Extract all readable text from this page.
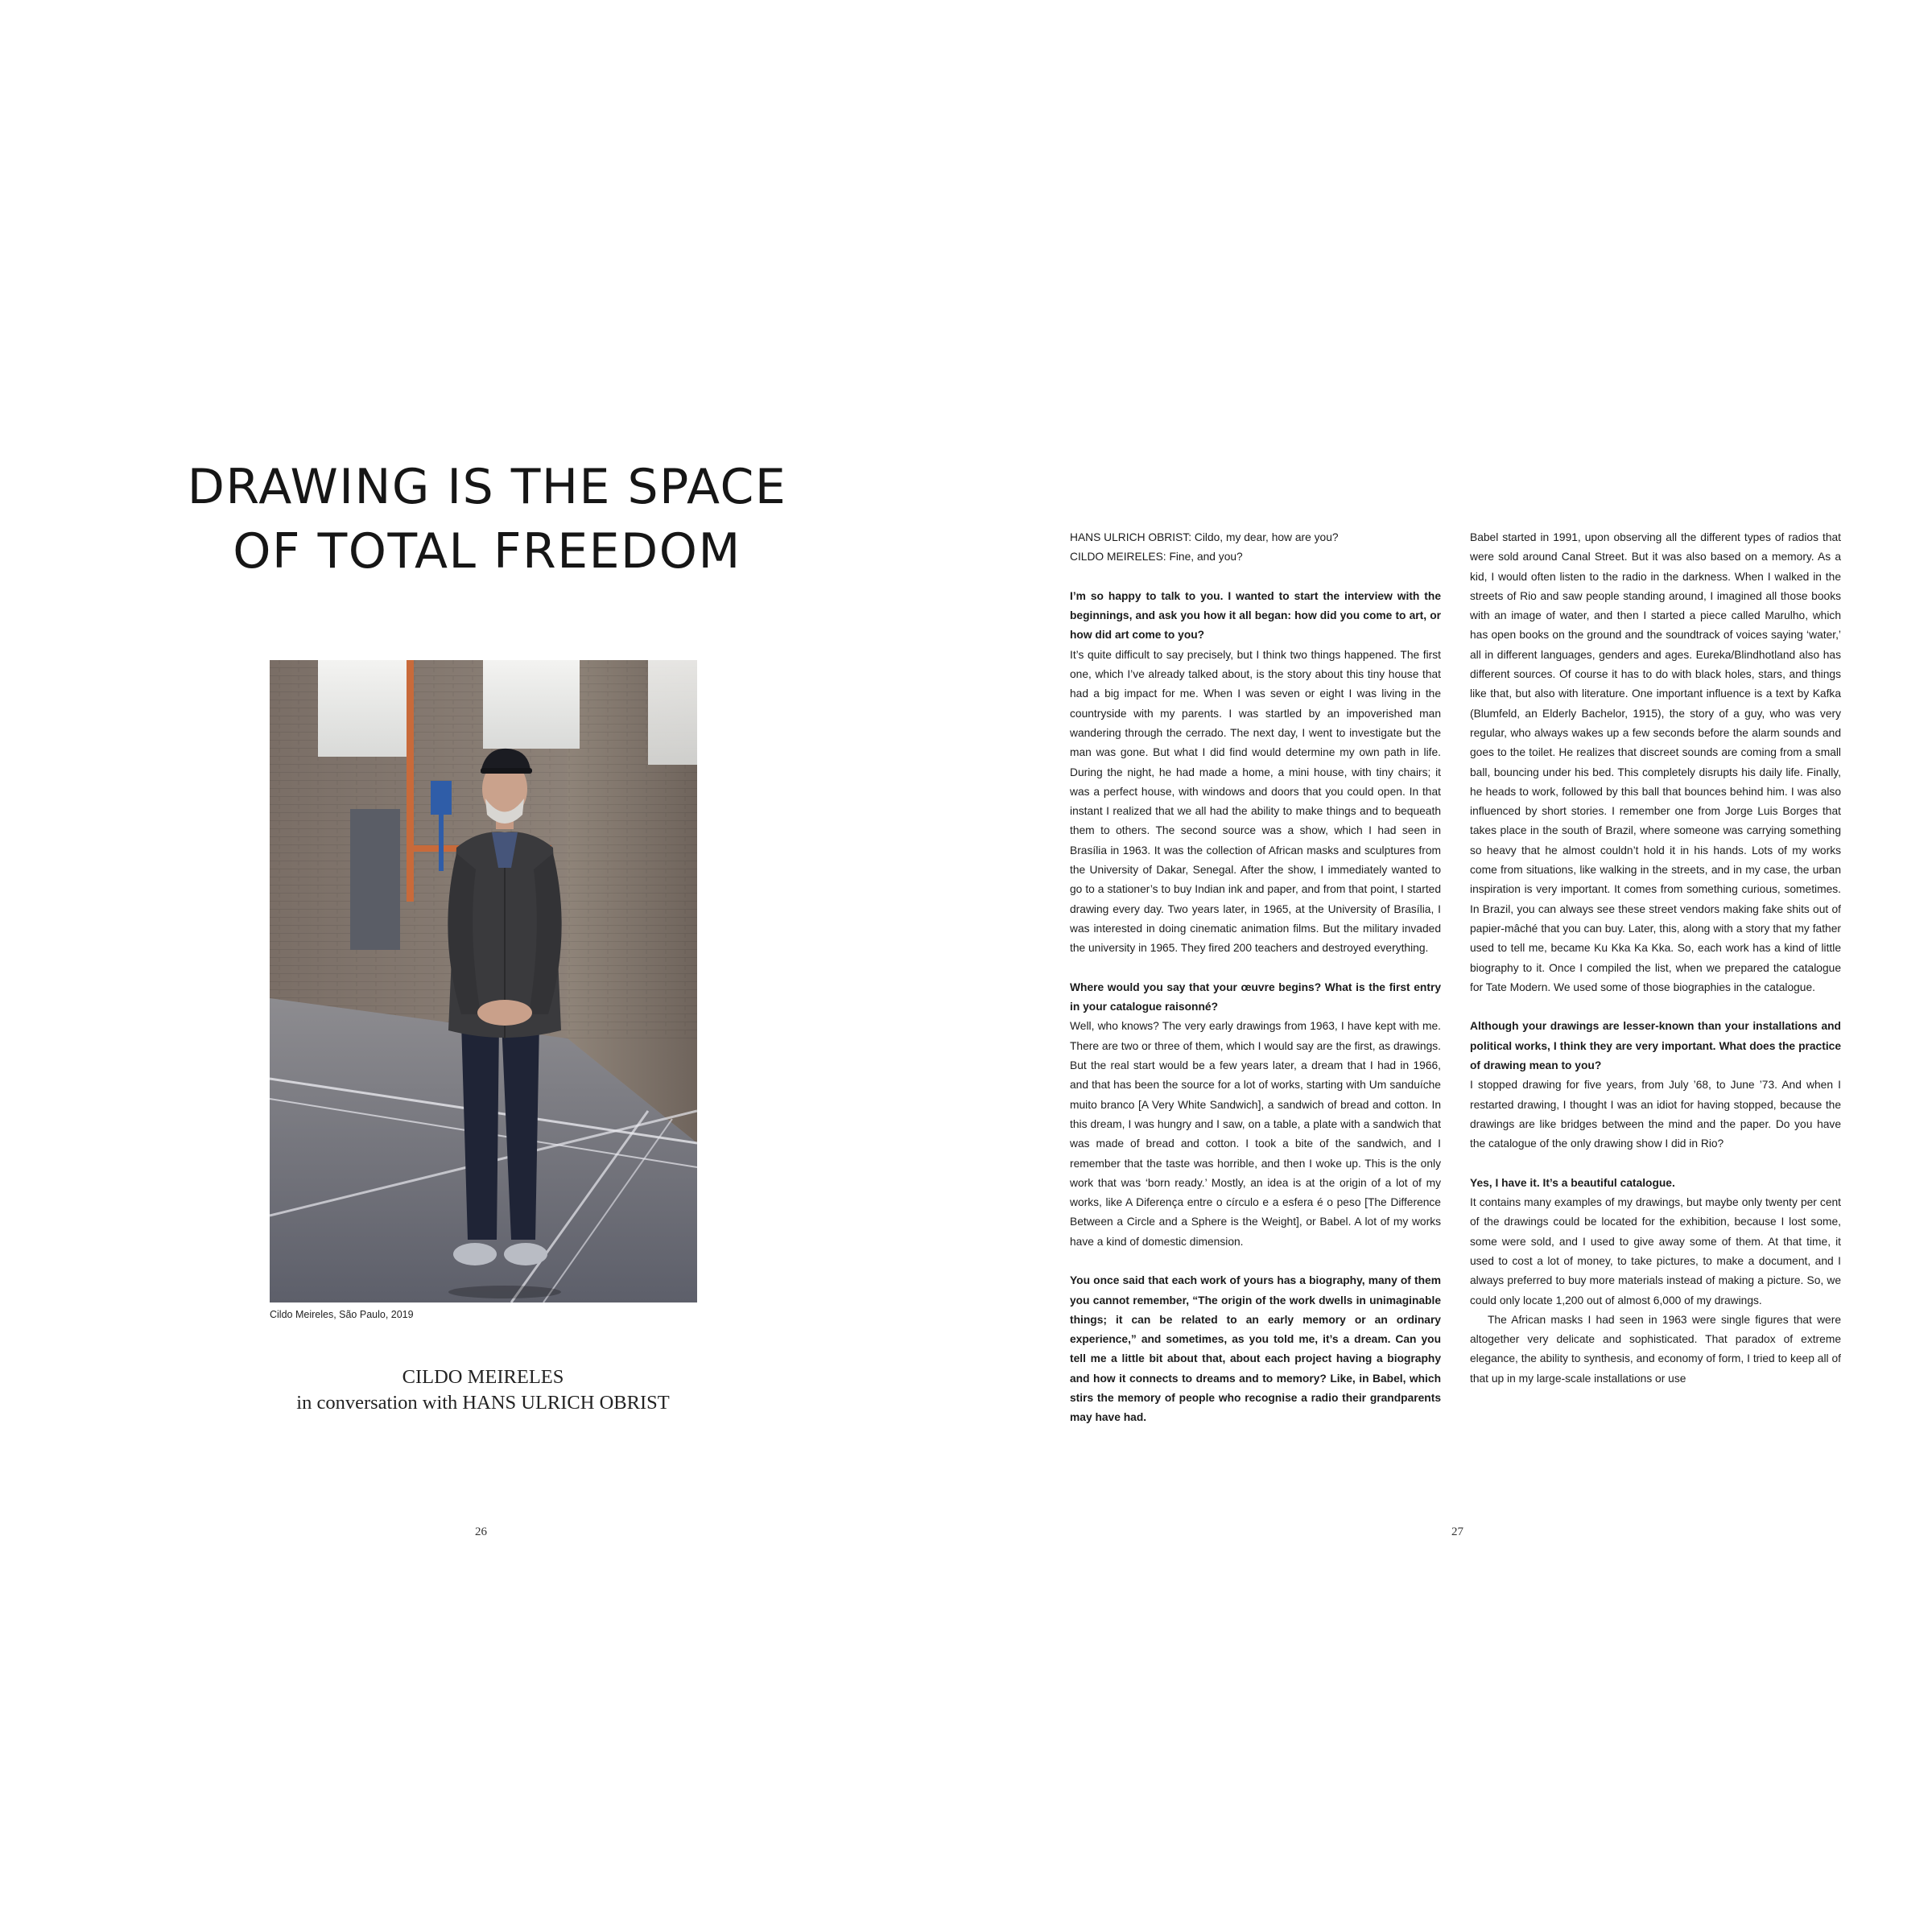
DRAWING IS THE SPACE
OF TOTAL FREEDOM
Cildo Meireles, São Paulo, 2019
CILDO MEIRELES
in conversation with HANS ULRICH OBRIST
26

HANS ULRICH OBRIST: Cildo, my dear, how are you?

CILDO MEIRELES: Fine, and you?

I’m so happy to talk to you. I wanted to start the interview with the beginnings, and ask you how it all began: how did you come to art, or how did art come to you?

It’s quite difficult to say precisely, but I think two things happened. The first one, which I’ve already talked about, is the story about this tiny house that had a big impact for me. When I was seven or eight I was living in the countryside with my parents. I was startled by an impoverished man wandering through the cerrado. The next day, I went to investigate but the man was gone. But what I did find would determine my own path in life. During the night, he had made a home, a mini house, with tiny chairs; it was a perfect house, with windows and doors that you could open. In that instant I realized that we all had the ability to make things and to bequeath them to others. The second source was a show, which I had seen in Brasília in 1963. It was the collection of African masks and sculptures from the University of Dakar, Senegal. After the show, I immediately wanted to go to a stationer’s to buy Indian ink and paper, and from that point, I started drawing every day. Two years later, in 1965, at the University of Brasília, I was interested in doing cinematic animation films. But the military invaded the university in 1965. They fired 200 teachers and destroyed everything.

Where would you say that your œuvre begins? What is the first entry in your catalogue raisonné?

Well, who knows? The very early drawings from 1963, I have kept with me. There are two or three of them, which I would say are the first, as drawings. But the real start would be a few years later, a dream that I had in 1966, and that has been the source for a lot of works, starting with Um sanduíche muito branco [A Very White Sandwich], a sandwich of bread and cotton. In this dream, I was hungry and I saw, on a table, a plate with a sandwich that was made of bread and cotton. I took a bite of the sandwich, and I remember that the taste was horrible, and then I woke up. This is the only work that was ‘born ready.’ Mostly, an idea is at the origin of a lot of my works, like A Diferença entre o círculo e a esfera é o peso [The Difference Between a Circle and a Sphere is the Weight], or Babel. A lot of my works have a kind of domestic dimension.

You once said that each work of yours has a biography, many of them you cannot remember, “The origin of the work dwells in unimaginable things; it can be related to an early memory or an ordinary experience,” and sometimes, as you told me, it’s a dream. Can you tell me a little bit about that, about each project having a biography and how it connects to dreams and to memory? Like, in Babel, which stirs the memory of people who recognise a radio their grandparents may have had.

Babel started in 1991, upon observing all the different types of radios that were sold around Canal Street. But it was also based on a memory. As a kid, I would often listen to the radio in the darkness. When I walked in the streets of Rio and saw people standing around, I imagined all those books with an image of water, and then I started a piece called Marulho, which has open books on the ground and the soundtrack of voices saying ‘water,’ all in different languages, genders and ages. Eureka/Blindhotland also has different sources. Of course it has to do with black holes, stars, and things like that, but also with literature. One important influence is a text by Kafka (Blumfeld, an Elderly Bachelor, 1915), the story of a guy, who was very regular, who always wakes up a few seconds before the alarm sounds and goes to the toilet. He realizes that discreet sounds are coming from a small ball, bouncing under his bed. This completely disrupts his daily life. Finally, he heads to work, followed by this ball that bounces behind him. I was also influenced by short stories. I remember one from Jorge Luis Borges that takes place in the south of Brazil, where someone was carrying something so heavy that he almost couldn’t hold it in his hands. Lots of my works come from situations, like walking in the streets, and in my case, the urban inspiration is very important. It comes from something curious, sometimes. In Brazil, you can always see these street vendors making fake shits out of papier-mâché that you can buy. Later, this, along with a story that my father used to tell me, became Ku Kka Ka Kka. So, each work has a kind of little biography to it. Once I compiled the list, when we prepared the catalogue for Tate Modern. We used some of those biographies in the catalogue.

Although your drawings are lesser-known than your installations and political works, I think they are very important. What does the practice of drawing mean to you?

I stopped drawing for five years, from July ’68, to June ’73. And when I restarted drawing, I thought I was an idiot for having stopped, because the drawings are like bridges between the mind and the paper. Do you have the catalogue of the only drawing show I did in Rio?

Yes, I have it. It’s a beautiful catalogue.

It contains many examples of my drawings, but maybe only twenty per cent of the drawings could be located for the exhibition, because I lost some, some were sold, and I used to give away some of them. At that time, it used to cost a lot of money, to take pictures, to make a document, and I always preferred to buy more materials instead of making a picture. So, we could only locate 1,200 out of almost 6,000 of my drawings.

The African masks I had seen in 1963 were single figures that were altogether very delicate and sophisticated. That paradox of extreme elegance, the ability to synthesis, and economy of form, I tried to keep all of that up in my large-scale installations or use

27
